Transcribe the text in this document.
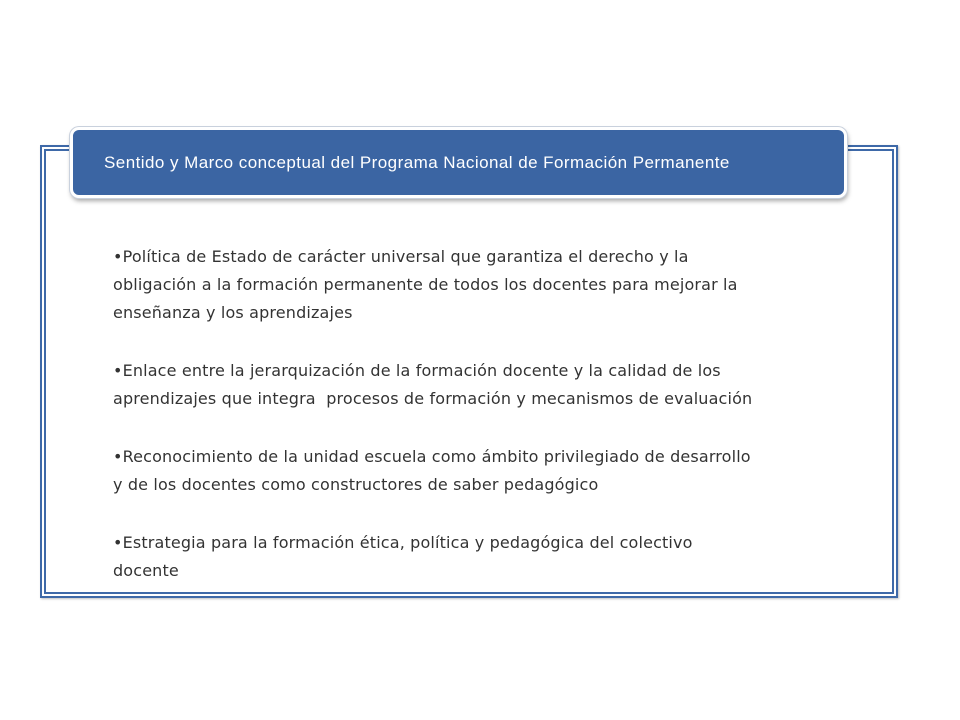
Sentido y Marco conceptual del Programa Nacional de Formación Permanente
•Política de Estado de carácter universal que garantiza el derecho y la
obligación a la formación permanente de todos los docentes para mejorar la
enseñanza y los aprendizajes
•Enlace entre la jerarquización de la formación docente y la calidad de los
aprendizajes que integra  procesos de formación y mecanismos de evaluación
•Reconocimiento de la unidad escuela como ámbito privilegiado de desarrollo
y de los docentes como constructores de saber pedagógico
•Estrategia para la formación ética, política y pedagógica del colectivo
docente
